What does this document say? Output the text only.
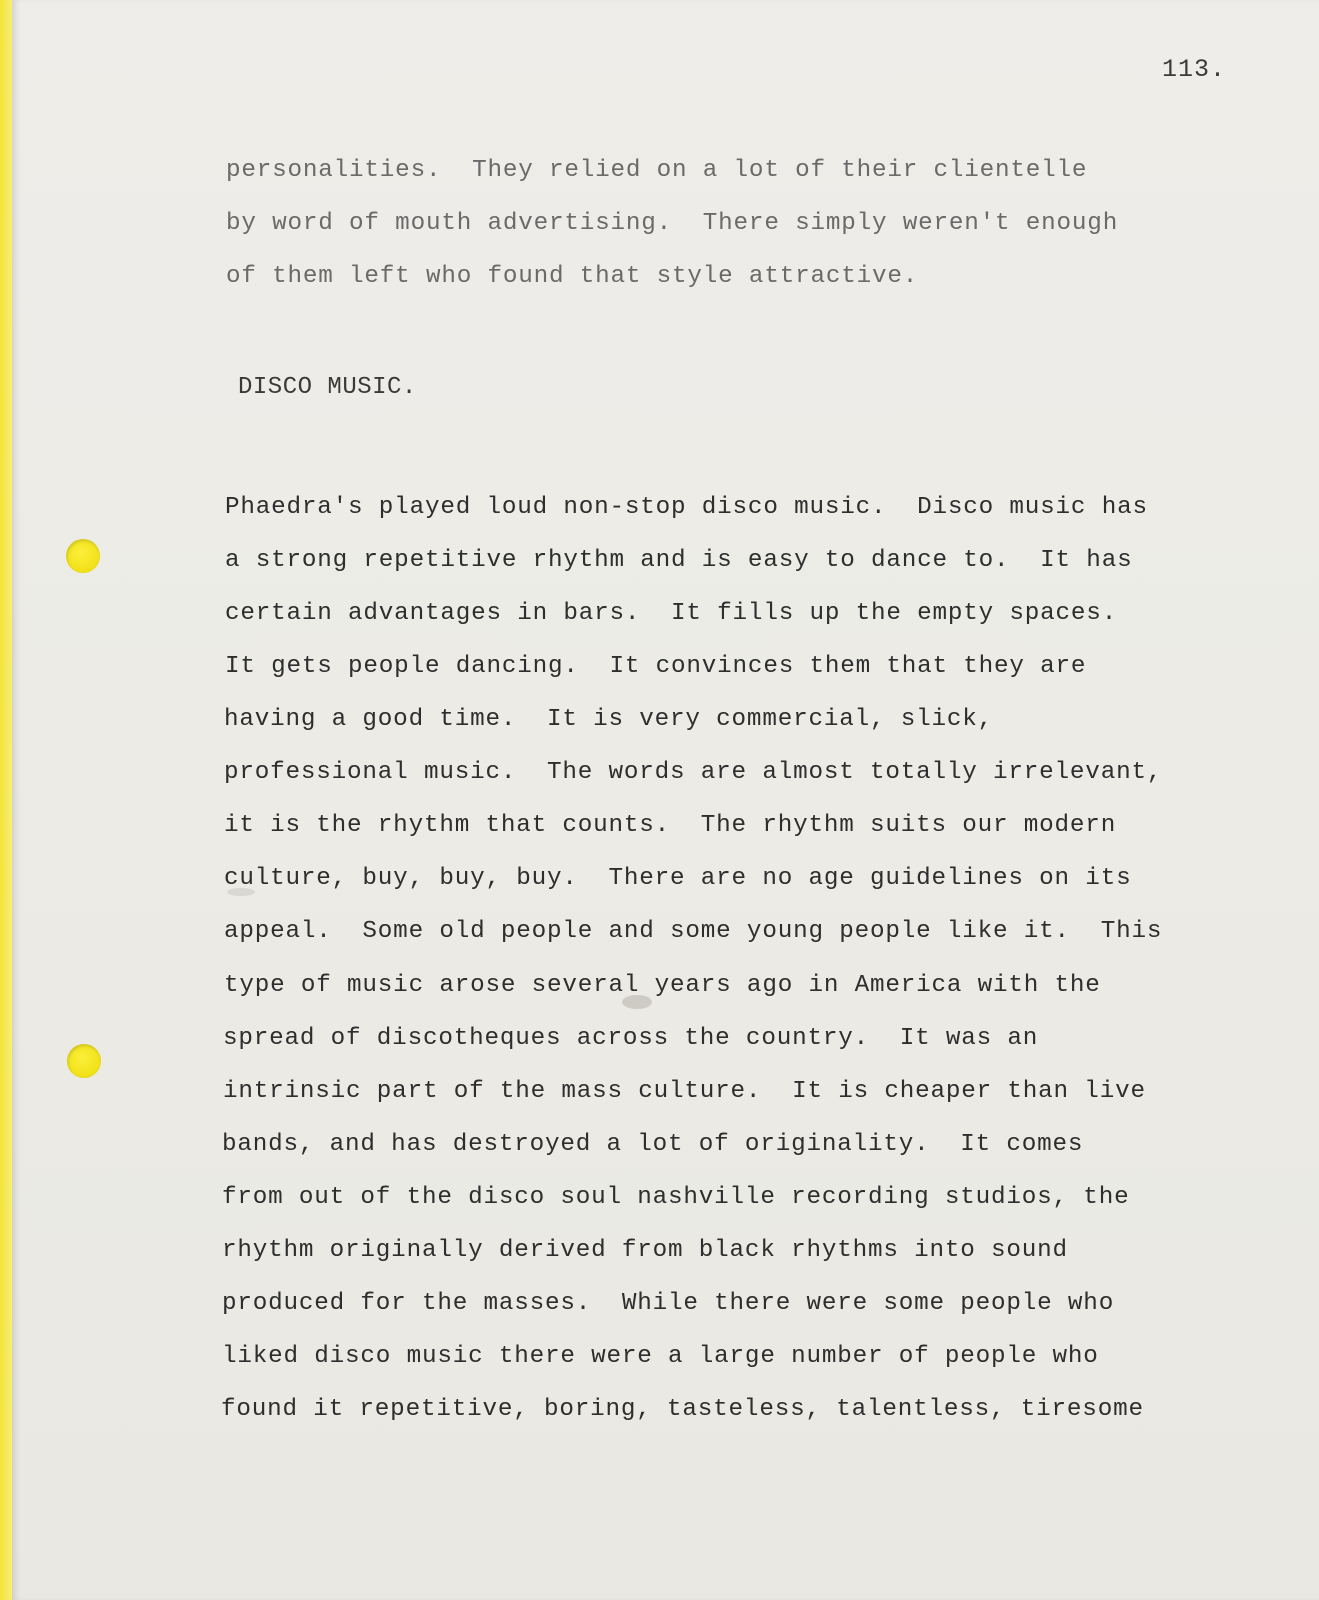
113.
personalities.  They relied on a lot of their clientelle
by word of mouth advertising.  There simply weren't enough
of them left who found that style attractive.
DISCO MUSIC.
Phaedra's played loud non-stop disco music.  Disco music has
a strong repetitive rhythm and is easy to dance to.  It has
certain advantages in bars.  It fills up the empty spaces.
It gets people dancing.  It convinces them that they are
having a good time.  It is very commercial, slick,
professional music.  The words are almost totally irrelevant,
it is the rhythm that counts.  The rhythm suits our modern
culture, buy, buy, buy.  There are no age guidelines on its
appeal.  Some old people and some young people like it.  This
type of music arose several years ago in America with the
spread of discotheques across the country.  It was an
intrinsic part of the mass culture.  It is cheaper than live
bands, and has destroyed a lot of originality.  It comes
from out of the disco soul nashville recording studios, the
rhythm originally derived from black rhythms into sound
produced for the masses.  While there were some people who
liked disco music there were a large number of people who
found it repetitive, boring, tasteless, talentless, tiresome
